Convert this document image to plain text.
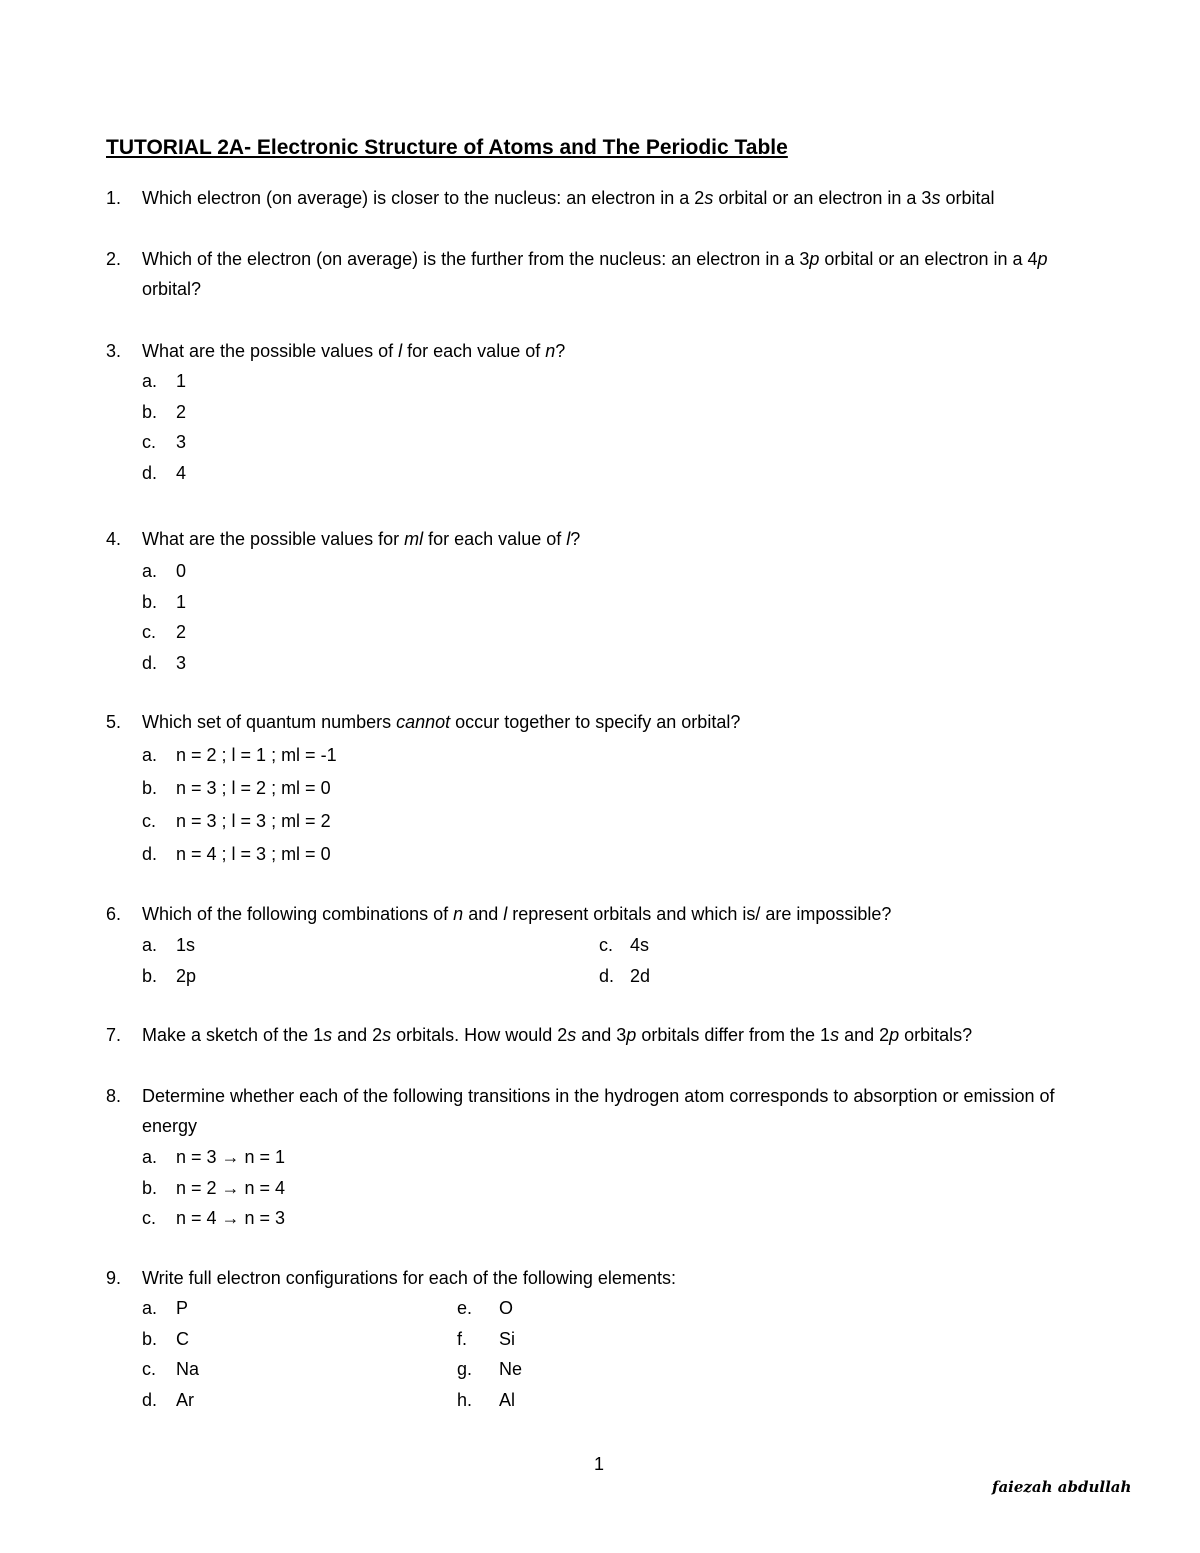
TUTORIAL 2A- Electronic Structure of Atoms and The Periodic Table
1.	Which electron (on average) is closer to the nucleus: an electron in a 2s orbital or an electron in a 3s orbital
2.	Which of the electron (on average) is the further from the nucleus: an electron in a 3p orbital or an electron in a 4p orbital?
3.	What are the possible values of l for each value of n?
a.	1
b.	2
c.	3
d.	4
4.	What are the possible values for ml for each value of l?
a.	0
b.	1
c.	2
d.	3
5.	Which set of quantum numbers cannot occur together to specify an orbital?
a.	n = 2 ; l = 1 ; ml = -1
b.	n = 3 ; l = 2 ; ml = 0
c.	n = 3 ; l = 3 ; ml = 2
d.	n = 4 ; l = 3 ; ml = 0
6.	Which of the following combinations of n and l represent orbitals and which is/ are impossible?
a.	1s
b.	2p
c. 4s
d. 2d
7.	Make a sketch of the 1s and 2s orbitals. How would 2s and 3p orbitals differ from the 1s and 2p orbitals?
8.	Determine whether each of the following transitions in the hydrogen atom corresponds to absorption or emission of energy
a.	n = 3 → n = 1
b.	n = 2 → n = 4
c.	n = 4 → n = 3
9.	Write full electron configurations for each of the following elements:
a.	P
b.	C
c.	Na
d.	Ar
e.	O
f.	Si
g.	Ne
h.	Al
1
faiezah abdullah
